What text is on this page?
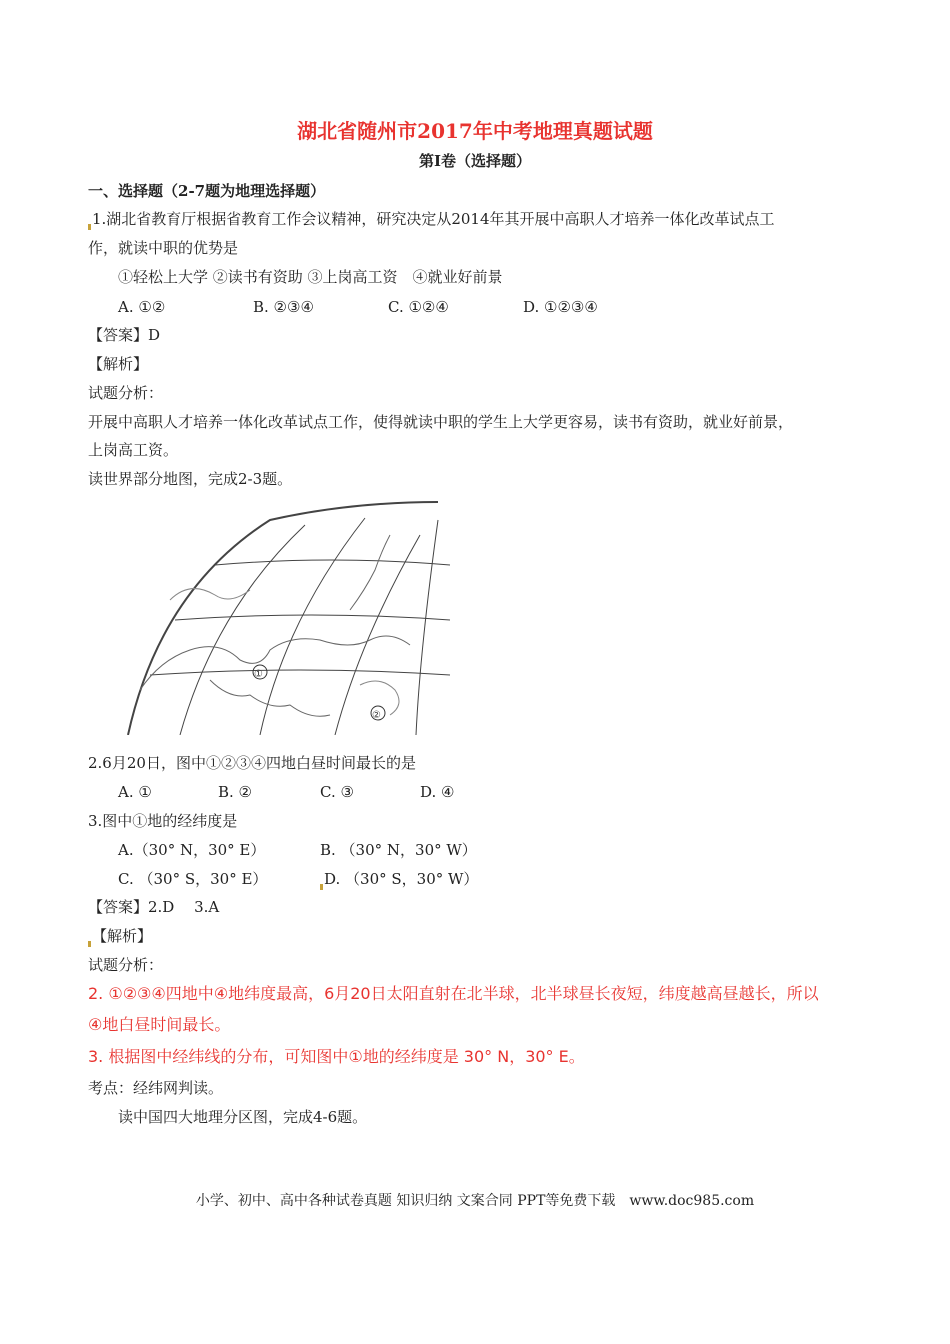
湖北省随州市2017年中考地理真题试题
第Ⅰ卷（选择题）
一、选择题（2-7题为地理选择题）
1.湖北省教育厅根据省教育工作会议精神，研究决定从2014年其开展中高职人才培养一体化改革试点工
作，就读中职的优势是
①轻松上大学 ②读书有资助 ③上岗高工资　④就业好前景
A. ①②	B. ②③④	C. ①②④	D. ①②③④
【答案】D
【解析】
试题分析：
开展中高职人才培养一体化改革试点工作，使得就读中职的学生上大学更容易，读书有资助，就业好前景，
上岗高工资。
读世界部分地图，完成2-3题。
①
②
2.6月20日，图中①②③④四地白昼时间最长的是
A. ①	B. ②	C. ③	D. ④
3.图中①地的经纬度是
A.（30° N，30° E）	B. （30° N，30° W）
C. （30° S，30° E）	D. （30° S，30° W）
【答案】2.D　 3.A
【解析】
试题分析：
2. ①②③④四地中④地纬度最高，6月20日太阳直射在北半球，北半球昼长夜短，纬度越高昼越长，所以
④地白昼时间最长。
3. 根据图中经纬线的分布，可知图中①地的经纬度是 30° N，30° E。
考点：经纬网判读。
读中国四大地理分区图，完成4-6题。
小学、初中、高中各种试卷真题 知识归纳 文案合同 PPT等免费下载　www.doc985.com
